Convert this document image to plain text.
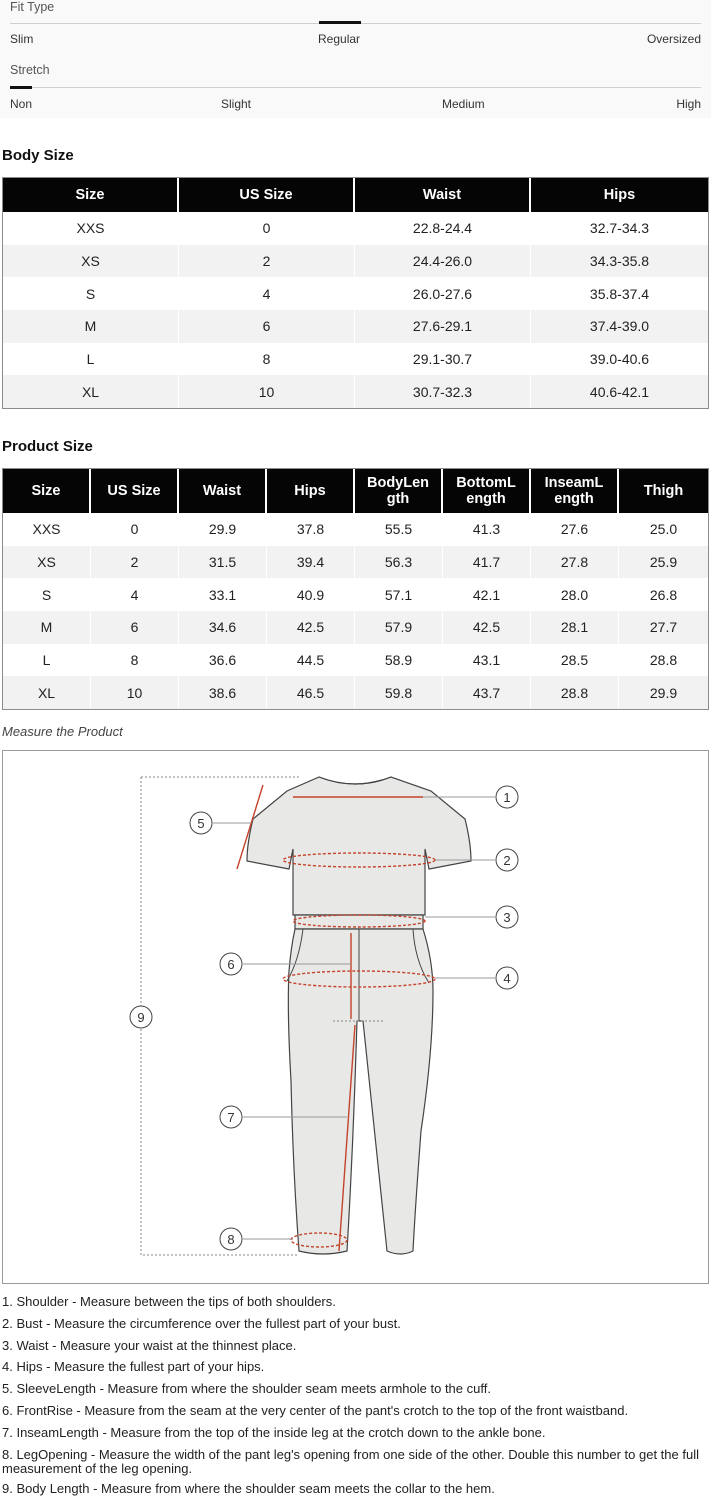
Fit Type
Slim	Regular	Oversized
Stretch
Non	Slight	Medium	High
Body Size
Size	US Size	Waist	Hips
XXS	0	22.8-24.4	32.7-34.3
XS	2	24.4-26.0	34.3-35.8
S	4	26.0-27.6	35.8-37.4
M	6	27.6-29.1	37.4-39.0
L	8	29.1-30.7	39.0-40.6
XL	10	30.7-32.3	40.6-42.1
Product Size
Size	US Size	Waist	Hips	BodyLen gth	BottomL ength	InseamL ength	Thigh
XXS	0	29.9	37.8	55.5	41.3	27.6	25.0
XS	2	31.5	39.4	56.3	41.7	27.8	25.9
S	4	33.1	40.9	57.1	42.1	28.0	26.8
M	6	34.6	42.5	57.9	42.5	28.1	27.7
L	8	36.6	44.5	58.9	43.1	28.5	28.8
XL	10	38.6	46.5	59.8	43.7	28.8	29.9
Measure the Product
1
2
3
4
5
6
7
8
9

1. Shoulder - Measure between the tips of both shoulders.

2. Bust - Measure the circumference over the fullest part of your bust.

3. Waist - Measure your waist at the thinnest place.

4. Hips - Measure the fullest part of your hips.

5. SleeveLength - Measure from where the shoulder seam meets armhole to the cuff.

6. FrontRise - Measure from the seam at the very center of the pant's crotch to the top of the front waistband.

7. InseamLength - Measure from the top of the inside leg at the crotch down to the ankle bone.

8. LegOpening - Measure the width of the pant leg's opening from one side of the other. Double this number to get the full measurement of the leg opening.

9. Body Length - Measure from where the shoulder seam meets the collar to the hem.
